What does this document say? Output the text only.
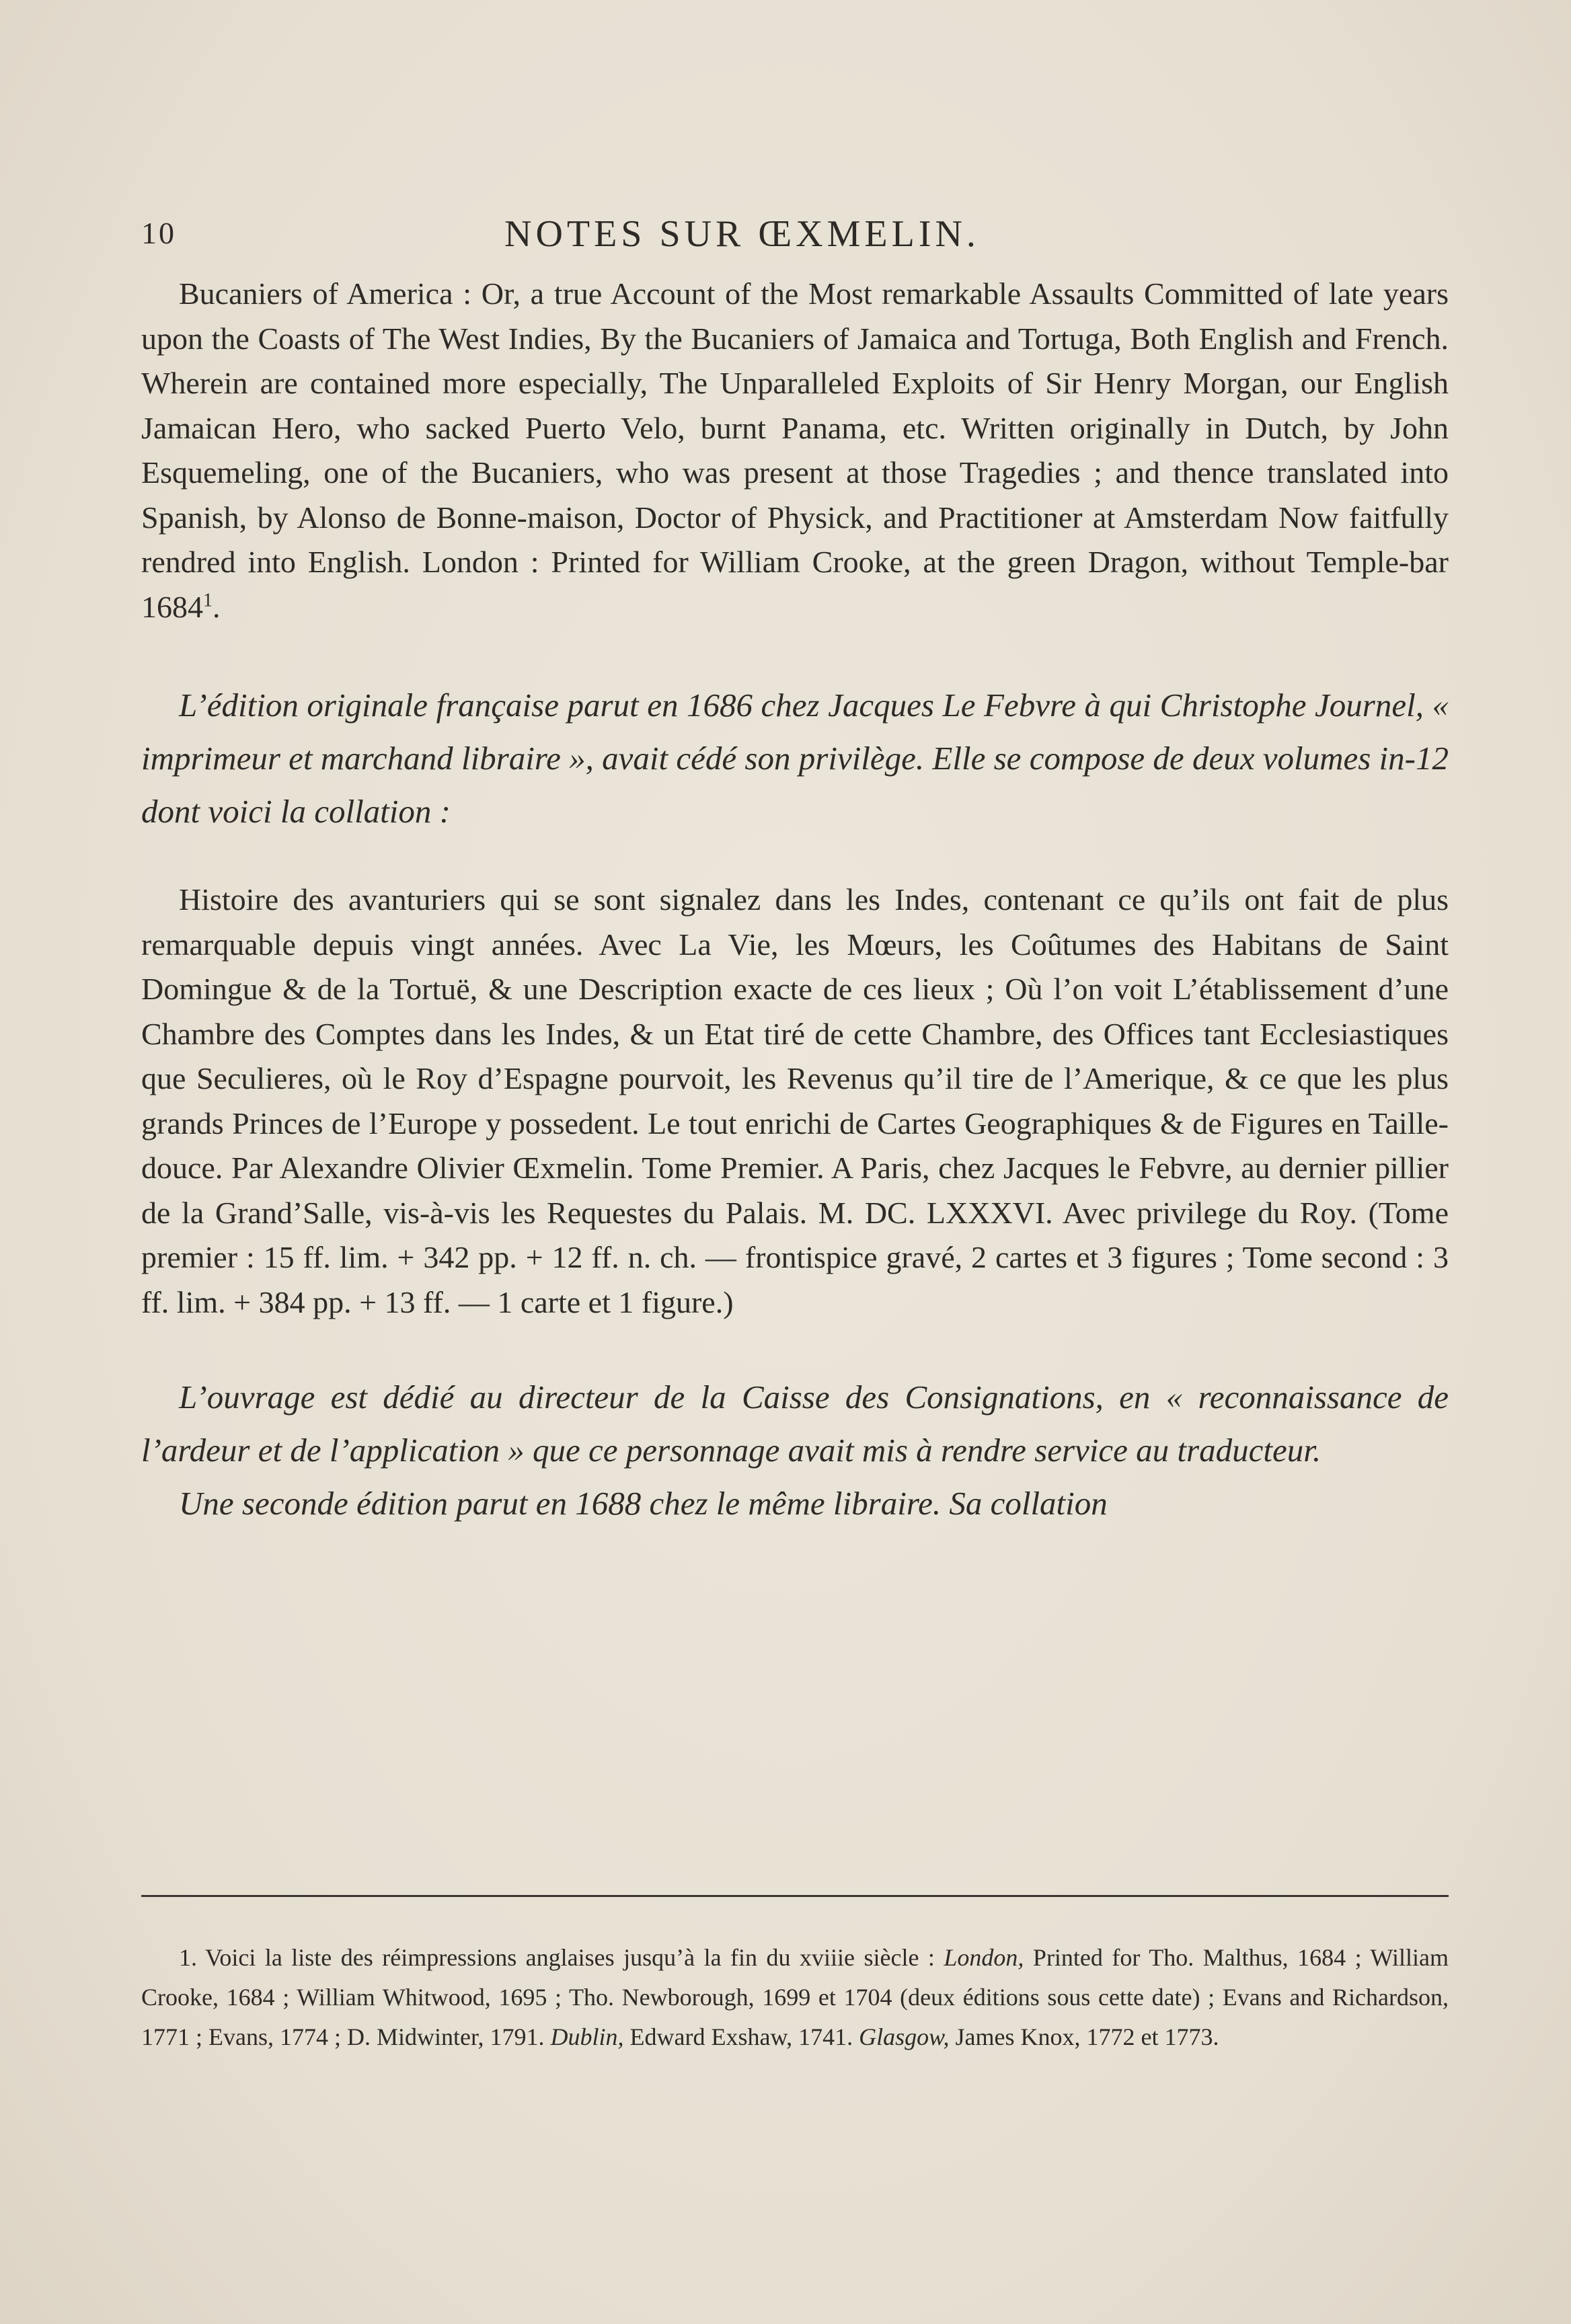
10	NOTES SUR ŒXMELIN.

Bucaniers of America : Or, a true Account of the Most remarkable Assaults Committed of late years upon the Coasts of The West Indies, By the Bucaniers of Jamaica and Tortuga, Both English and French. Wherein are contained more especially, The Unparalleled Exploits of Sir Henry Morgan, our English Jamaican Hero, who sacked Puerto Velo, burnt Panama, etc. Written originally in Dutch, by John Esquemeling, one of the Bucaniers, who was present at those Tragedies ; and thence translated into Spanish, by Alonso de Bonne-maison, Doctor of Physick, and Practitioner at Amsterdam Now faitfully rendred into English. London : Printed for William Crooke, at the green Dragon, without Temple-bar 1684$^1$.

L’édition originale française parut en 1686 chez Jacques Le Febvre à qui Christophe Journel, « imprimeur et marchand libraire », avait cédé son privilège. Elle se compose de deux volumes in-12 dont voici la collation :

Histoire des avanturiers qui se sont signalez dans les Indes, contenant ce qu’ils ont fait de plus remarquable depuis vingt années. Avec La Vie, les Mœurs, les Coûtumes des Habitans de Saint Domingue & de la Tortuë, & une Description exacte de ces lieux ; Où l’on voit L’établissement d’une Chambre des Comptes dans les Indes, & un Etat tiré de cette Chambre, des Offices tant Ecclesiastiques que Seculieres, où le Roy d’Espagne pourvoit, les Revenus qu’il tire de l’Amerique, & ce que les plus grands Princes de l’Europe y possedent. Le tout enrichi de Cartes Geographiques & de Figures en Taille-douce. Par Alexandre Olivier Œxmelin. Tome Premier. A Paris, chez Jacques le Febvre, au dernier pillier de la Grand’Salle, vis-à-vis les Requestes du Palais. M. DC. LXXXVI. Avec privilege du Roy. (Tome premier : 15 ff. lim. + 342 pp. + 12 ff. n. ch. — frontispice gravé, 2 cartes et 3 figures ; Tome second : 3 ff. lim. + 384 pp. + 13 ff. — 1 carte et 1 figure.)

L’ouvrage est dédié au directeur de la Caisse des Consignations, en « reconnaissance de l’ardeur et de l’application » que ce personnage avait mis à rendre service au traducteur.

Une seconde édition parut en 1688 chez le même libraire. Sa collation

1. Voici la liste des réimpressions anglaises jusqu’à la fin du xviiie siècle : London, Printed for Tho. Malthus, 1684 ; William Crooke, 1684 ; William Whitwood, 1695 ; Tho. Newborough, 1699 et 1704 (deux éditions sous cette date) ; Evans and Richardson, 1771 ; Evans, 1774 ; D. Midwinter, 1791. Dublin, Edward Exshaw, 1741. Glasgow, James Knox, 1772 et 1773.
